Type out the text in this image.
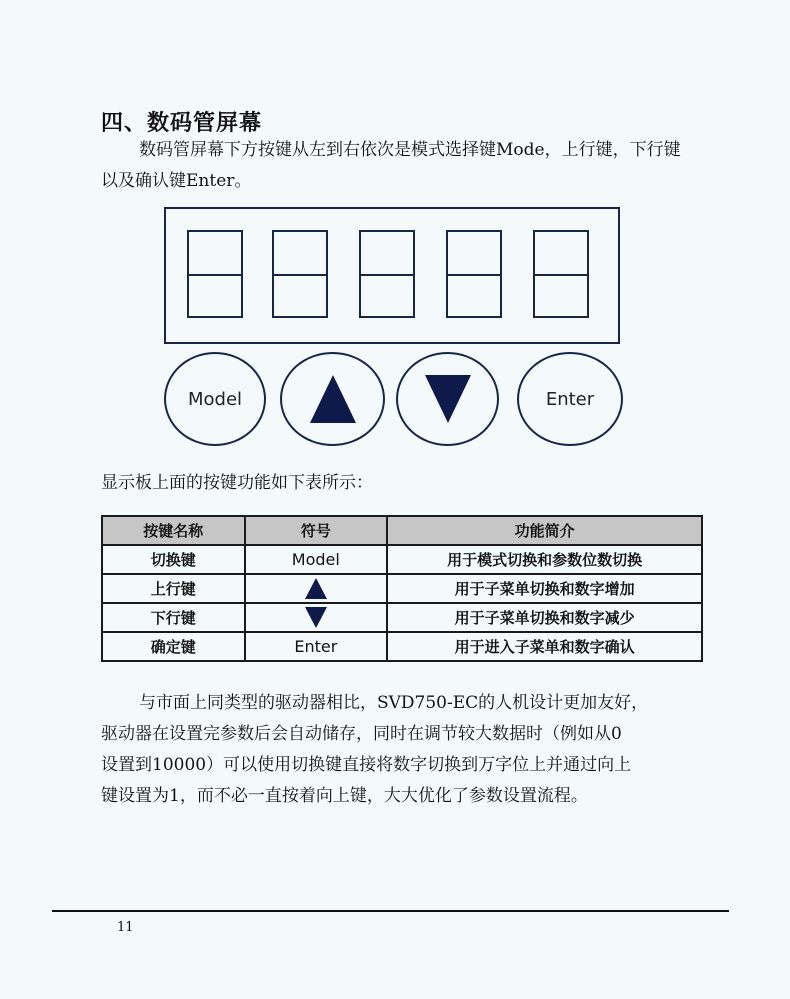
四、数码管屏幕

数码管屏幕下方按键从左到右依次是模式选择键Mode，上行键，下行键

以及确认键Enter。

Model	Enter
显示板上面的按键功能如下表所示：
按键名称	符号	功能简介
切换键	Model	用于模式切换和参数位数切换
上行键		用于子菜单切换和数字增加
下行键		用于子菜单切换和数字减少
确定键	Enter	用于进入子菜单和数字确认

与市面上同类型的驱动器相比，SVD750-EC的人机设计更加友好，

驱动器在设置完参数后会自动储存，同时在调节较大数据时（例如从0

设置到10000）可以使用切换键直接将数字切换到万字位上并通过向上

键设置为1，而不必一直按着向上键，大大优化了参数设置流程。

11
